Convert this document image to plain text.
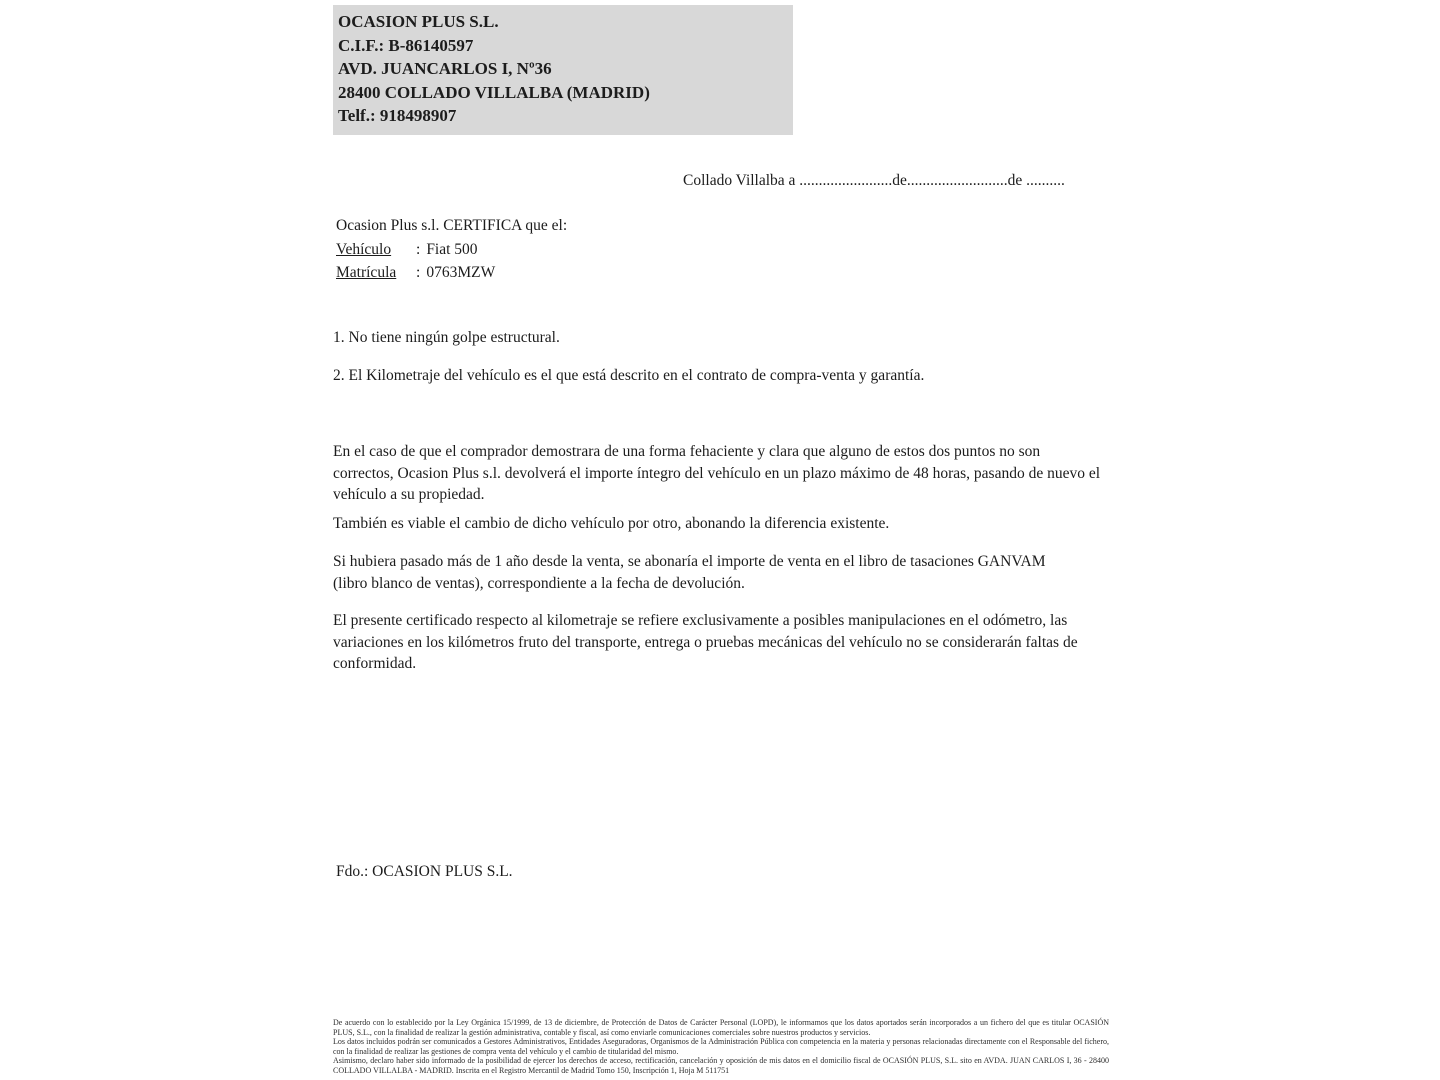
OCASION PLUS S.L.
C.I.F.: B-86140597
AVD. JUANCARLOS I, Nº36
28400 COLLADO VILLALBA (MADRID)
Telf.: 918498907
Collado Villalba a ........................de..........................de ..........
Ocasion Plus s.l. CERTIFICA que el:
Vehículo : Fiat 500
Matrícula : 0763MZW
1. No tiene ningún golpe estructural.
2. El Kilometraje del vehículo es el que está descrito en el contrato de compra-venta y garantía.
En el caso de que el comprador demostrara de una forma fehaciente y clara que alguno de estos dos puntos no son correctos, Ocasion Plus s.l. devolverá el importe íntegro del vehículo en un plazo máximo de 48 horas, pasando de nuevo el vehículo a su propiedad.
También es viable el cambio de dicho vehículo por otro, abonando la diferencia existente.
Si hubiera pasado más de 1 año desde la venta, se abonaría el importe de venta en el libro de tasaciones GANVAM (libro blanco de ventas), correspondiente a la fecha de devolución.
El presente certificado respecto al kilometraje se refiere exclusivamente a posibles manipulaciones en el odómetro, las variaciones en los kilómetros fruto del transporte, entrega o pruebas mecánicas del vehículo no se considerarán faltas de conformidad.
Fdo.: OCASION PLUS S.L.
De acuerdo con lo establecido por la Ley Orgánica 15/1999, de 13 de diciembre, de Protección de Datos de Carácter Personal (LOPD), le informamos que los datos aportados serán incorporados a un fichero del que es titular OCASIÓN PLUS, S.L., con la finalidad de realizar la gestión administrativa, contable y fiscal, así como enviarle comunicaciones comerciales sobre nuestros productos y servicios.
Los datos incluidos podrán ser comunicados a Gestores Administrativos, Entidades Aseguradoras, Organismos de la Administración Pública con competencia en la materia y personas relacionadas directamente con el Responsable del fichero, con la finalidad de realizar las gestiones de compra venta del vehículo y el cambio de titularidad del mismo.
Asimismo, declaro haber sido informado de la posibilidad de ejercer los derechos de acceso, rectificación, cancelación y oposición de mis datos en el domicilio fiscal de OCASIÓN PLUS, S.L. sito en AVDA. JUAN CARLOS I, 36 - 28400 COLLADO VILLALBA - MADRID. Inscrita en el Registro Mercantil de Madrid Tomo 150, Inscripción 1, Hoja M 511751
